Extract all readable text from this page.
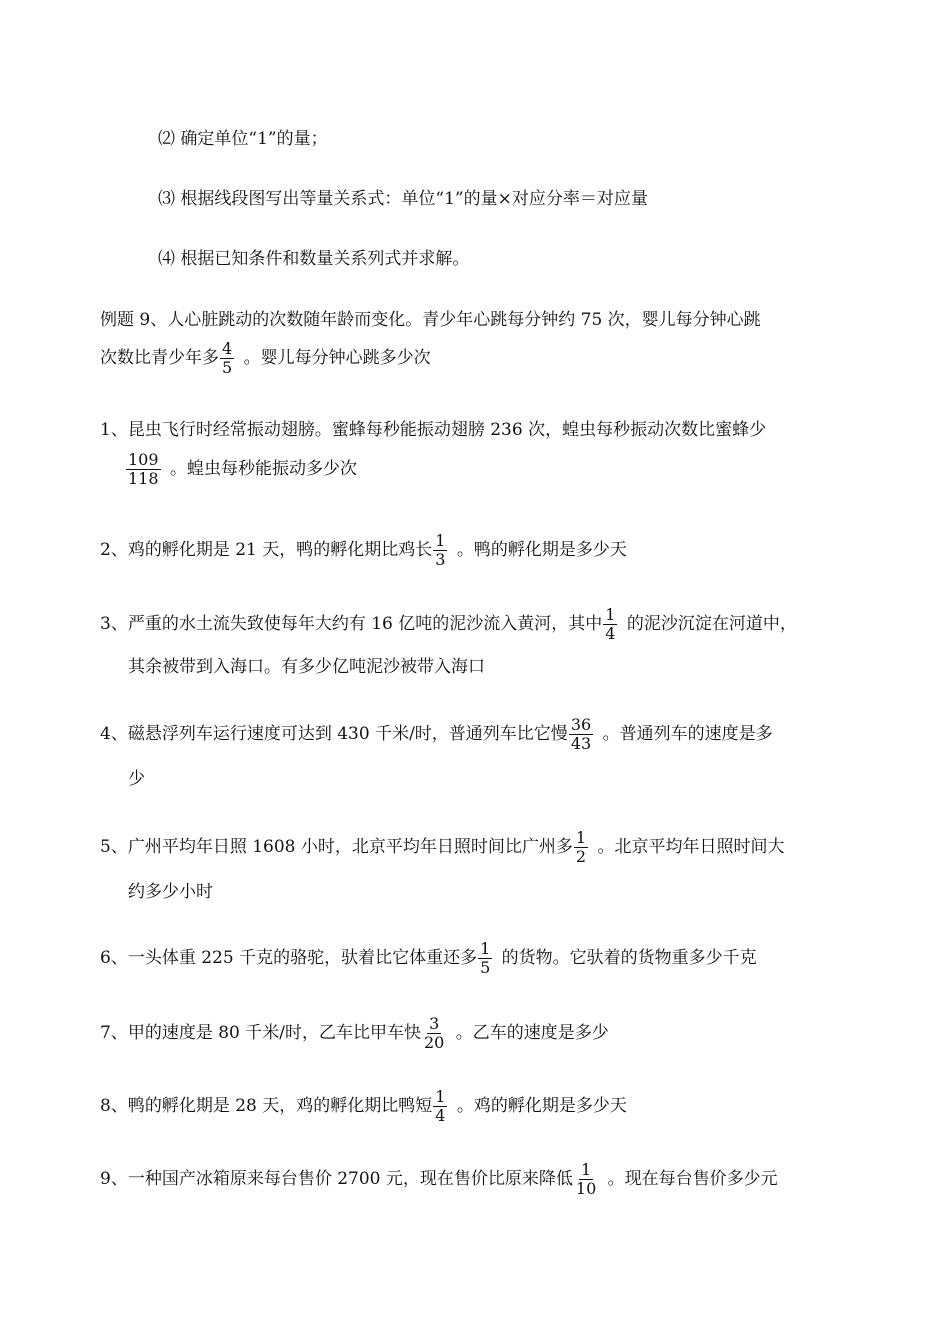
⑵ 确定单位“1”的量；
⑶ 根据线段图写出等量关系式：单位“1”的量×对应分率＝对应量
⑷ 根据已知条件和数量关系列式并求解。
例题 9、人心脏跳动的次数随年龄而变化。青少年心跳每分钟约 75 次，婴儿每分钟心跳
次数比青少年多 $\frac{4}{5}$ 。婴儿每分钟心跳多少次
1、昆虫飞行时经常振动翅膀。蜜蜂每秒能振动翅膀 236 次，蝗虫每秒振动次数比蜜蜂少
$\frac{109}{118}$ 。蝗虫每秒能振动多少次
2、鸡的孵化期是 21 天，鸭的孵化期比鸡长 $\frac{1}{3}$ 。鸭的孵化期是多少天
3、严重的水土流失致使每年大约有 16 亿吨的泥沙流入黄河，其中 $\frac{1}{4}$ 的泥沙沉淀在河道中，
其余被带到入海口。有多少亿吨泥沙被带入海口
4、磁悬浮列车运行速度可达到 430 千米/时，普通列车比它慢 $\frac{36}{43}$ 。普通列车的速度是多
少
5、广州平均年日照 1608 小时，北京平均年日照时间比广州多 $\frac{1}{2}$ 。北京平均年日照时间大
约多少小时
6、一头体重 225 千克的骆驼，驮着比它体重还多 $\frac{1}{5}$ 的货物。它驮着的货物重多少千克
7、甲的速度是 80 千米/时，乙车比甲车快 $\frac{3}{20}$ 。乙车的速度是多少
8、鸭的孵化期是 28 天，鸡的孵化期比鸭短 $\frac{1}{4}$ 。鸡的孵化期是多少天
9、一种国产冰箱原来每台售价 2700 元，现在售价比原来降低 $\frac{1}{10}$ 。现在每台售价多少元
